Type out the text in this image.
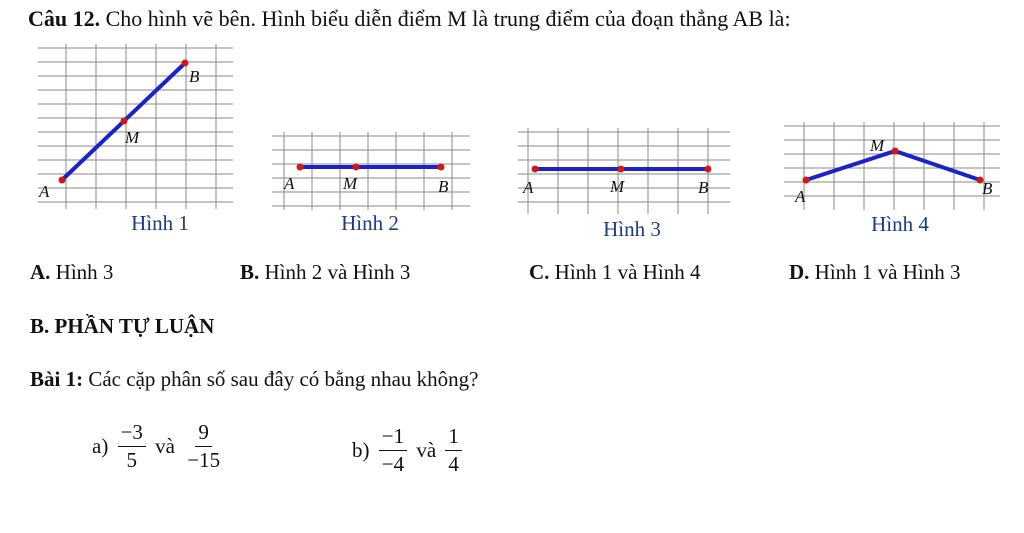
Câu 12. Cho hình vẽ bên. Hình biểu diễn điểm M là trung điểm của đoạn thẳng AB là:
A
M
B
Hình 1
A	M	B
Hình 2
A	M	B
Hình 3
A
M
B
Hình 4
A. Hình 3	B. Hình 2 và Hình 3	C. Hình 1 và Hình 4	D. Hình 1 và Hình 3
B. PHẦN TỰ LUẬN
Bài 1: Các cặp phân số sau đây có bằng nhau không?
$a) \frac{-3}{5}$ và $\frac{9}{-15}$	$b) \frac{-1}{-4}$ và $\frac{1}{4}$
